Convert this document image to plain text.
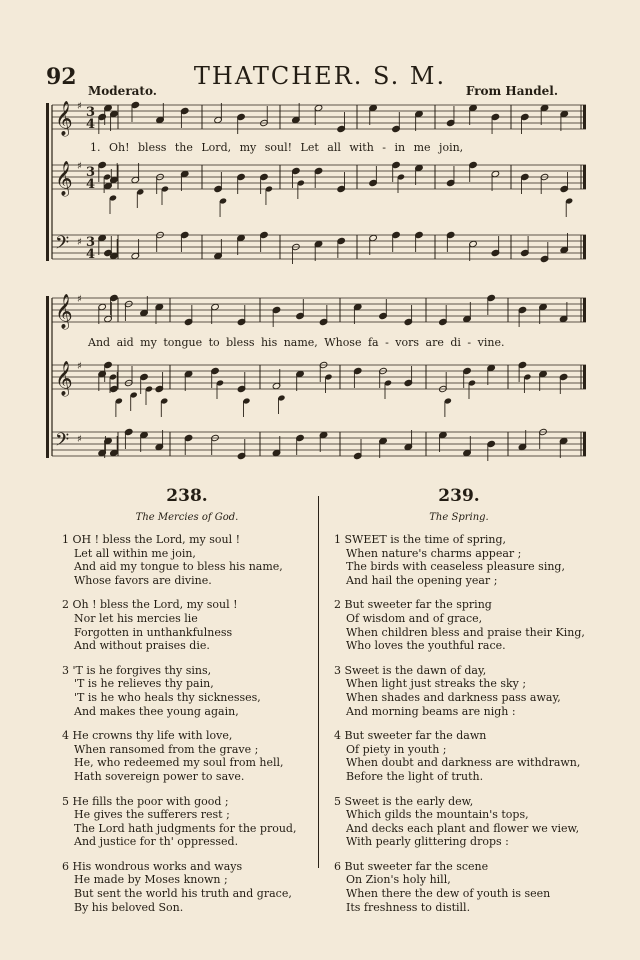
92	THATCHER. S. M.
Moderato.	From Handel.
𝄞 ♯ 3
4
𝄞 ♯ 3
4
𝄢 ♯ 3
4
𝄞 ♯
𝄞 ♯
𝄢 ♯
1. Oh! bless the Lord, my soul! Let all with - in me join,
And aid my tongue to bless his name, Whose fa - vors are di - vine.
238.
The Mercies of God.
1 OH ! bless the Lord, my soul !
Let all within me join,
And aid my tongue to bless his name,
Whose favors are divine.
2 Oh ! bless the Lord, my soul !
Nor let his mercies lie
Forgotten in unthankfulness
And without praises die.
3 'T is he forgives thy sins,
'T is he relieves thy pain,
'T is he who heals thy sicknesses,
And makes thee young again,
4 He crowns thy life with love,
When ransomed from the grave ;
He, who redeemed my soul from hell,
Hath sovereign power to save.
5 He fills the poor with good ;
He gives the sufferers rest ;
The Lord hath judgments for the proud,
And justice for th' oppressed.
6 His wondrous works and ways
He made by Moses known ;
But sent the world his truth and grace,
By his beloved Son.
239.
The Spring.
1 SWEET is the time of spring,
When nature's charms appear ;
The birds with ceaseless pleasure sing,
And hail the opening year ;
2 But sweeter far the spring
Of wisdom and of grace,
When children bless and praise their King,
Who loves the youthful race.
3 Sweet is the dawn of day,
When light just streaks the sky ;
When shades and darkness pass away,
And morning beams are nigh :
4 But sweeter far the dawn
Of piety in youth ;
When doubt and darkness are withdrawn,
Before the light of truth.
5 Sweet is the early dew,
Which gilds the mountain's tops,
And decks each plant and flower we view,
With pearly glittering drops :
6 But sweeter far the scene
On Zion's holy hill,
When there the dew of youth is seen
Its freshness to distill.
